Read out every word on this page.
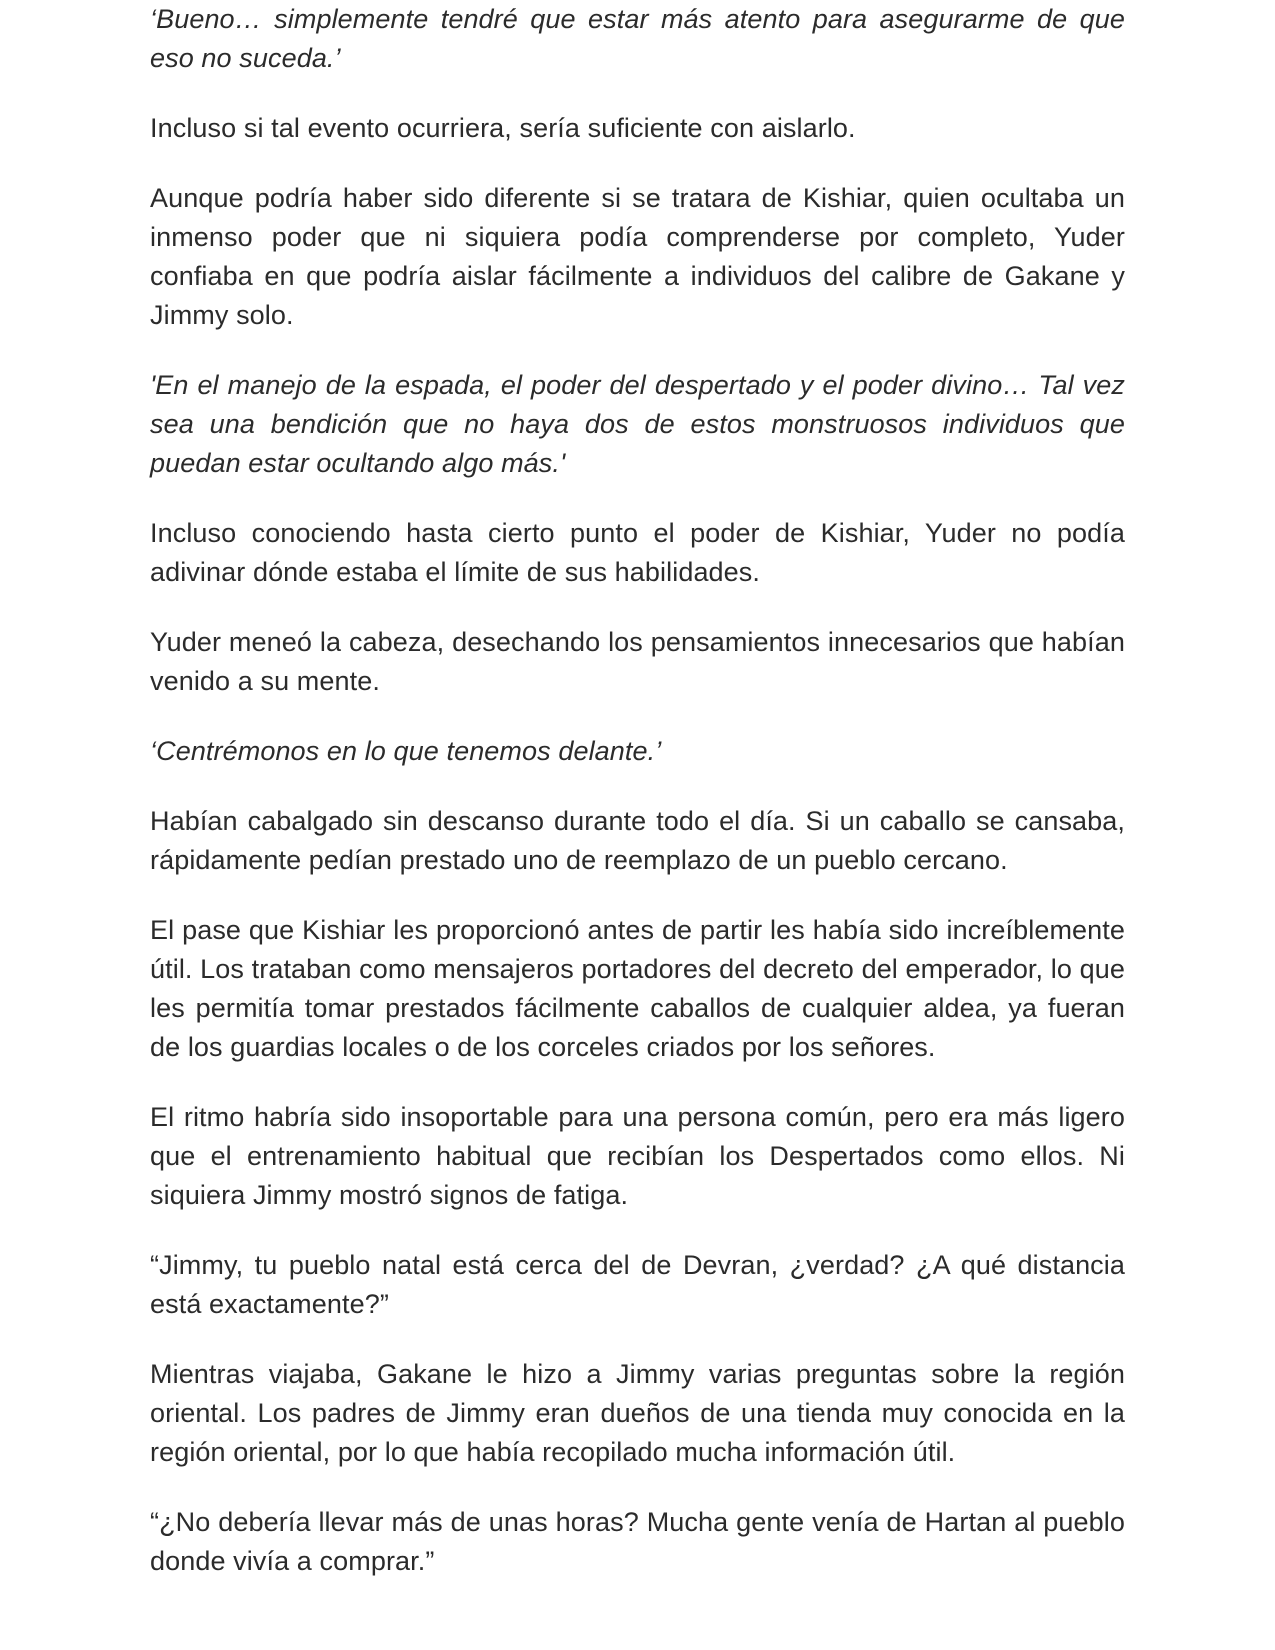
‘Bueno… simplemente tendré que estar más atento para asegurarme de que eso no suceda.’

Incluso si tal evento ocurriera, sería suficiente con aislarlo.

Aunque podría haber sido diferente si se tratara de Kishiar, quien ocultaba un inmenso poder que ni siquiera podía comprenderse por completo, Yuder confiaba en que podría aislar fácilmente a individuos del calibre de Gakane y Jimmy solo.

'En el manejo de la espada, el poder del despertado y el poder divino… Tal vez sea una bendición que no haya dos de estos monstruosos individuos que puedan estar ocultando algo más.'

Incluso conociendo hasta cierto punto el poder de Kishiar, Yuder no podía adivinar dónde estaba el límite de sus habilidades.

Yuder meneó la cabeza, desechando los pensamientos innecesarios que habían venido a su mente.

‘Centrémonos en lo que tenemos delante.’

Habían cabalgado sin descanso durante todo el día. Si un caballo se cansaba, rápidamente pedían prestado uno de reemplazo de un pueblo cercano.

El pase que Kishiar les proporcionó antes de partir les había sido increíblemente útil. Los trataban como mensajeros portadores del decreto del emperador, lo que les permitía tomar prestados fácilmente caballos de cualquier aldea, ya fueran de los guardias locales o de los corceles criados por los señores.

El ritmo habría sido insoportable para una persona común, pero era más ligero que el entrenamiento habitual que recibían los Despertados como ellos. Ni siquiera Jimmy mostró signos de fatiga.

“Jimmy, tu pueblo natal está cerca del de Devran, ¿verdad? ¿A qué distancia está exactamente?”

Mientras viajaba, Gakane le hizo a Jimmy varias preguntas sobre la región oriental. Los padres de Jimmy eran dueños de una tienda muy conocida en la región oriental, por lo que había recopilado mucha información útil.

“¿No debería llevar más de unas horas? Mucha gente venía de Hartan al pueblo donde vivía a comprar.”
